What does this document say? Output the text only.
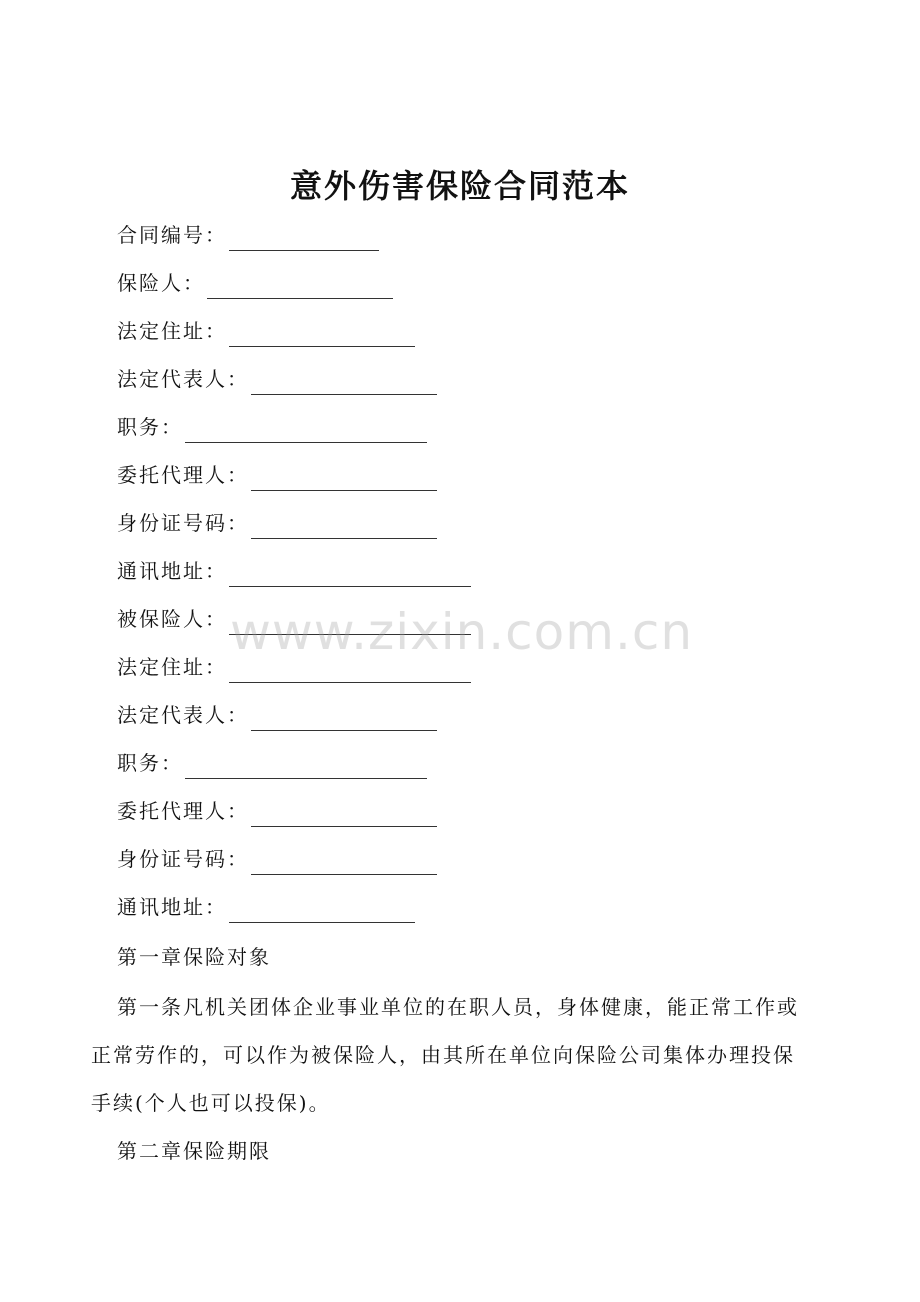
意外伤害保险合同范本
合同编号：
保险人：
法定住址：
法定代表人：
职务：
委托代理人：
身份证号码：
通讯地址：
被保险人：
法定住址：
法定代表人：
职务：
委托代理人：
身份证号码：
通讯地址：
第一章保险对象
第一条凡机关团体企业事业单位的在职人员，身体健康，能正常工作或
正常劳作的，可以作为被保险人，由其所在单位向保险公司集体办理投保
手续(个人也可以投保)。
第二章保险期限
www.zixin.com.cn
